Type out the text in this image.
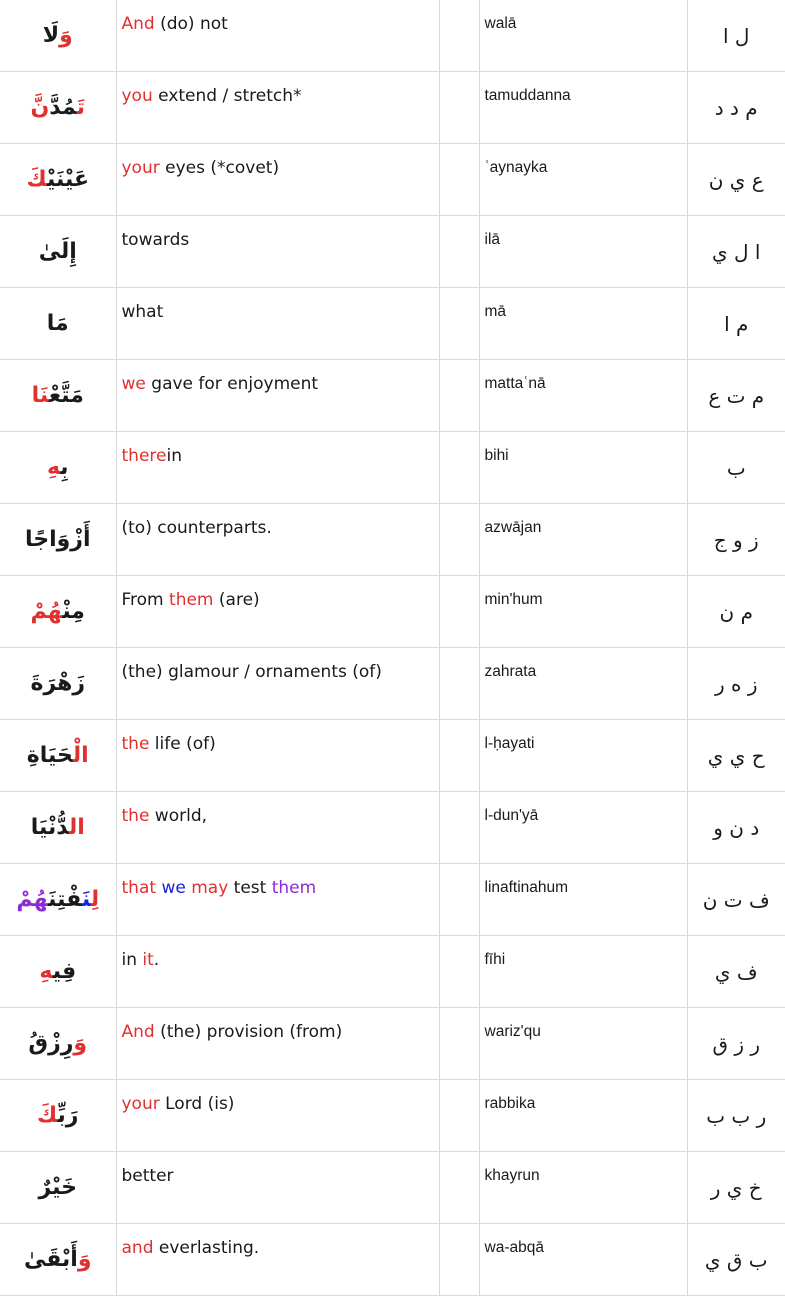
وَلَا	And (do) not		walā	ل ا
تَمُدَّنَّ	you extend / stretch*		tamuddanna	م د د
عَيْنَيْكَ	your eyes (*covet)		ʿaynayka	ع ي ن
إِلَىٰ	towards		ilā	ا ل ي
مَا	what		mā	م ا
مَتَّعْنَا	we gave for enjoyment		mattaʿnā	م ت ع
بِهِ	therein		bihi	ب
أَزْوَاجًا	(to) counterparts.		azwājan	ز و ج
مِنْهُمْ	From them (are)		min'hum	م ن
زَهْرَةَ	(the) glamour / ornaments (of)		zahrata	ز ه ر
الْحَيَاةِ	the life (of)		l-ḥayati	ح ي ي
الدُّنْيَا	the world,		l-dun'yā	د ن و
لِنَفْتِنَهُمْ	that we may test them		linaftinahum	ف ت ن
فِيهِ	in it.		fīhi	ف ي
وَرِزْقُ	And (the) provision (from)		wariz'qu	ر ز ق
رَبِّكَ	your Lord (is)		rabbika	ر ب ب
خَيْرٌ	better		khayrun	خ ي ر
وَأَبْقَىٰ	and everlasting.		wa-abqā	ب ق ي
